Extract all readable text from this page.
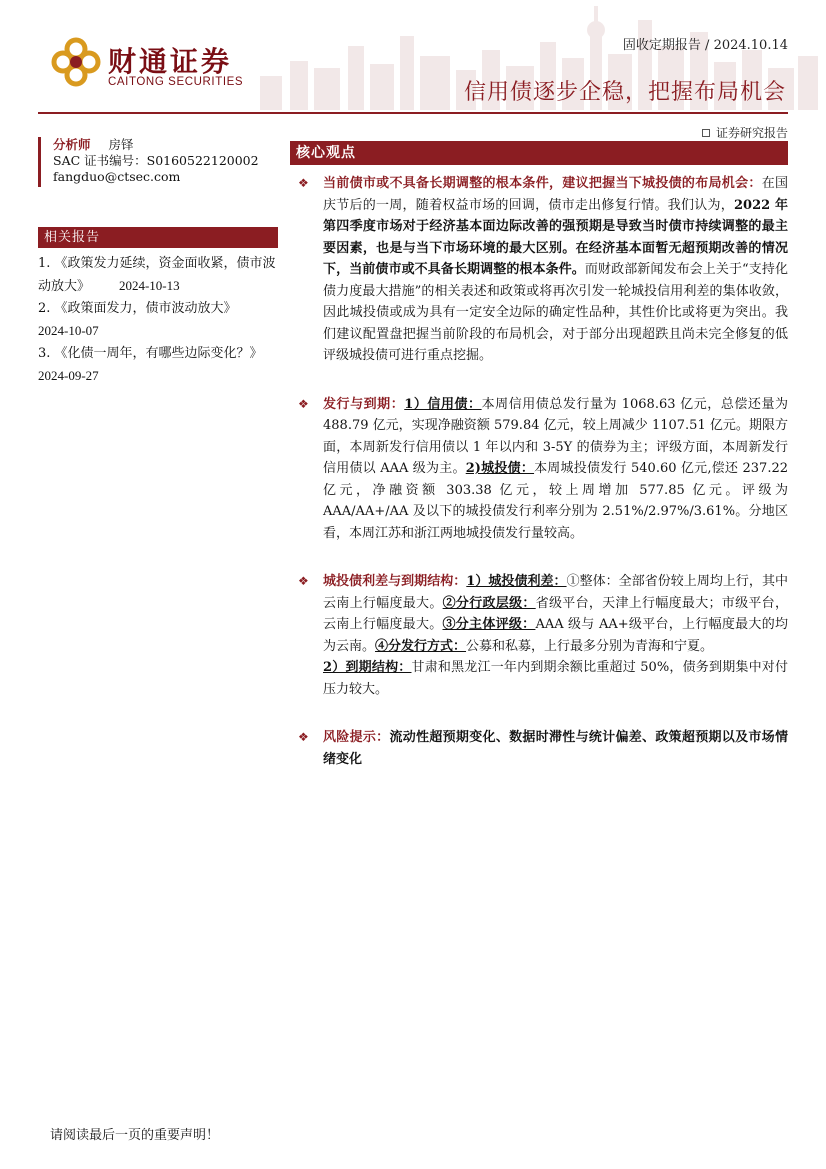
财通证券
CAITONG SECURITIES
固收定期报告 / 2024.10.14
信用债逐步企稳，把握布局机会
证券研究报告
分析师 房铎
SAC 证书编号：S0160522120002
fangduo@ctsec.com
相关报告
1. 《政策发力延续，资金面收紧，债市波动放大》 2024-10-13
2. 《政策面发力，债市波动放大》
2024-10-07
3. 《化债一周年，有哪些边际变化？》
2024-09-27
核心观点
❖ 当前债市或不具备长期调整的根本条件，建议把握当下城投债的布局机会：在国庆节后的一周，随着权益市场的回调，债市走出修复行情。我们认为，2022 年第四季度市场对于经济基本面边际改善的强预期是导致当时债市持续调整的最主要因素，也是与当下市场环境的最大区别。在经济基本面暂无超预期改善的情况下，当前债市或不具备长期调整的根本条件。而财政部新闻发布会上关于“支持化债力度最大措施”的相关表述和政策或将再次引发一轮城投信用利差的集体收敛，因此城投债或成为具有一定安全边际的确定性品种，其性价比或将更为突出。我们建议配置盘把握当前阶段的布局机会，对于部分出现超跌且尚未完全修复的低评级城投债可进行重点挖掘。
❖ 发行与到期：1）信用债：本周信用债总发行量为 1068.63 亿元，总偿还量为 488.79 亿元，实现净融资额 579.84 亿元，较上周减少 1107.51 亿元。期限方面，本周新发行信用债以 1 年以内和 3-5Y 的债券为主；评级方面，本周新发行信用债以 AAA 级为主。2)城投债：本周城投债发行 540.60 亿元,偿还 237.22 亿元，净融资额 303.38 亿元，较上周增加 577.85 亿元。评级为 AAA/AA+/AA 及以下的城投债发行利率分别为 2.51%/2.97%/3.61%。分地区看，本周江苏和浙江两地城投债发行量较高。
❖ 城投债利差与到期结构：1）城投债利差：①整体：全部省份较上周均上行，其中云南上行幅度最大。②分行政层级：省级平台，天津上行幅度最大；市级平台，云南上行幅度最大。③分主体评级：AAA 级与 AA+级平台，上行幅度最大的均为云南。④分发行方式：公募和私募，上行最多分别为青海和宁夏。
2）到期结构：甘肃和黑龙江一年内到期余额比重超过 50%，债务到期集中对付压力较大。
❖ 风险提示：流动性超预期变化、数据时滞性与统计偏差、政策超预期以及市场情绪变化
请阅读最后一页的重要声明！
